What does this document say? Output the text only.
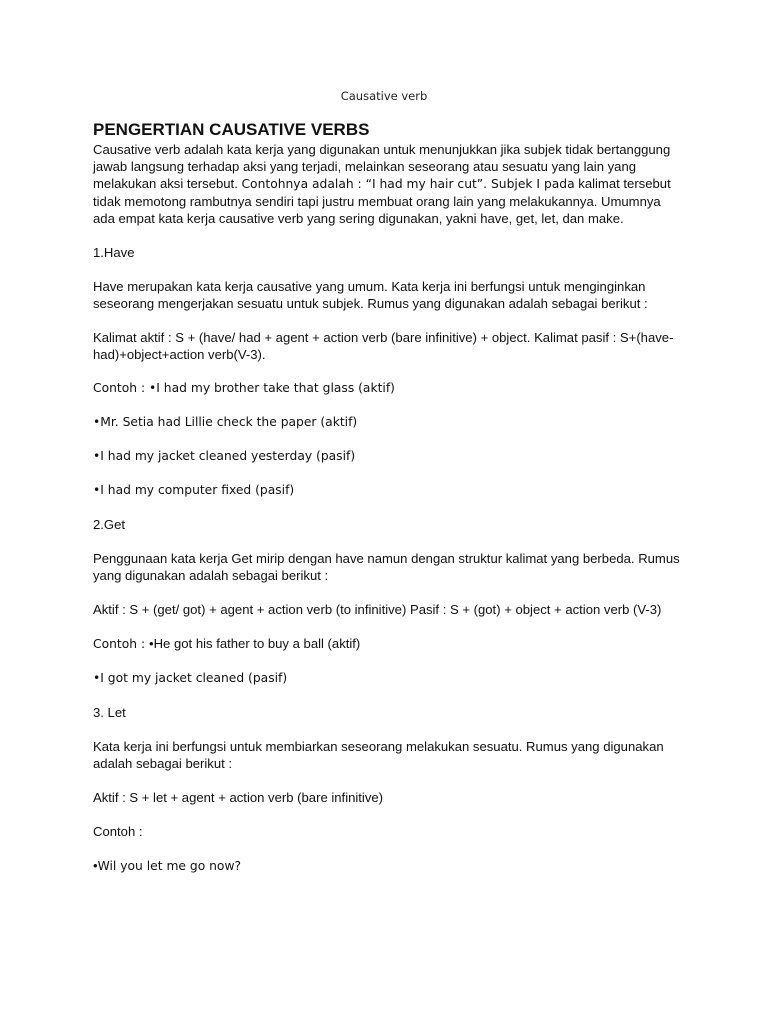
Causative verb
PENGERTIAN CAUSATIVE VERBS

Causative verb adalah kata kerja yang digunakan untuk menunjukkan jika subjek tidak bertanggung jawab langsung terhadap aksi yang terjadi, melainkan seseorang atau sesuatu yang lain yang melakukan aksi tersebut. Contohnya adalah : “I had my hair cut”. Subjek I pada kalimat tersebut tidak memotong rambutnya sendiri tapi justru membuat orang lain yang melakukannya. Umumnya ada empat kata kerja causative verb yang sering digunakan, yakni have, get, let, dan make.

1.Have

Have merupakan kata kerja causative yang umum. Kata kerja ini berfungsi untuk menginginkan seseorang mengerjakan sesuatu untuk subjek. Rumus yang digunakan adalah sebagai berikut :

Kalimat aktif : S + (have/ had + agent + action verb (bare infinitive) + object. Kalimat pasif : S+(have-had)+object+action verb(V-3).

Contoh : •I had my brother take that glass (aktif)

•Mr. Setia had Lillie check the paper (aktif)

•I had my jacket cleaned yesterday (pasif)

•I had my computer fixed (pasif)

2.Get

Penggunaan kata kerja Get mirip dengan have namun dengan struktur kalimat yang berbeda. Rumus yang digunakan adalah sebagai berikut :

Aktif : S + (get/ got) + agent + action verb (to infinitive) Pasif : S + (got) + object + action verb (V-3)

Contoh : •He got his father to buy a ball (aktif)

•I got my jacket cleaned (pasif)

3. Let

Kata kerja ini berfungsi untuk membiarkan seseorang melakukan sesuatu. Rumus yang digunakan adalah sebagai berikut :

Aktif : S + let + agent + action verb (bare infinitive)

Contoh :

•Wil you let me go now?
